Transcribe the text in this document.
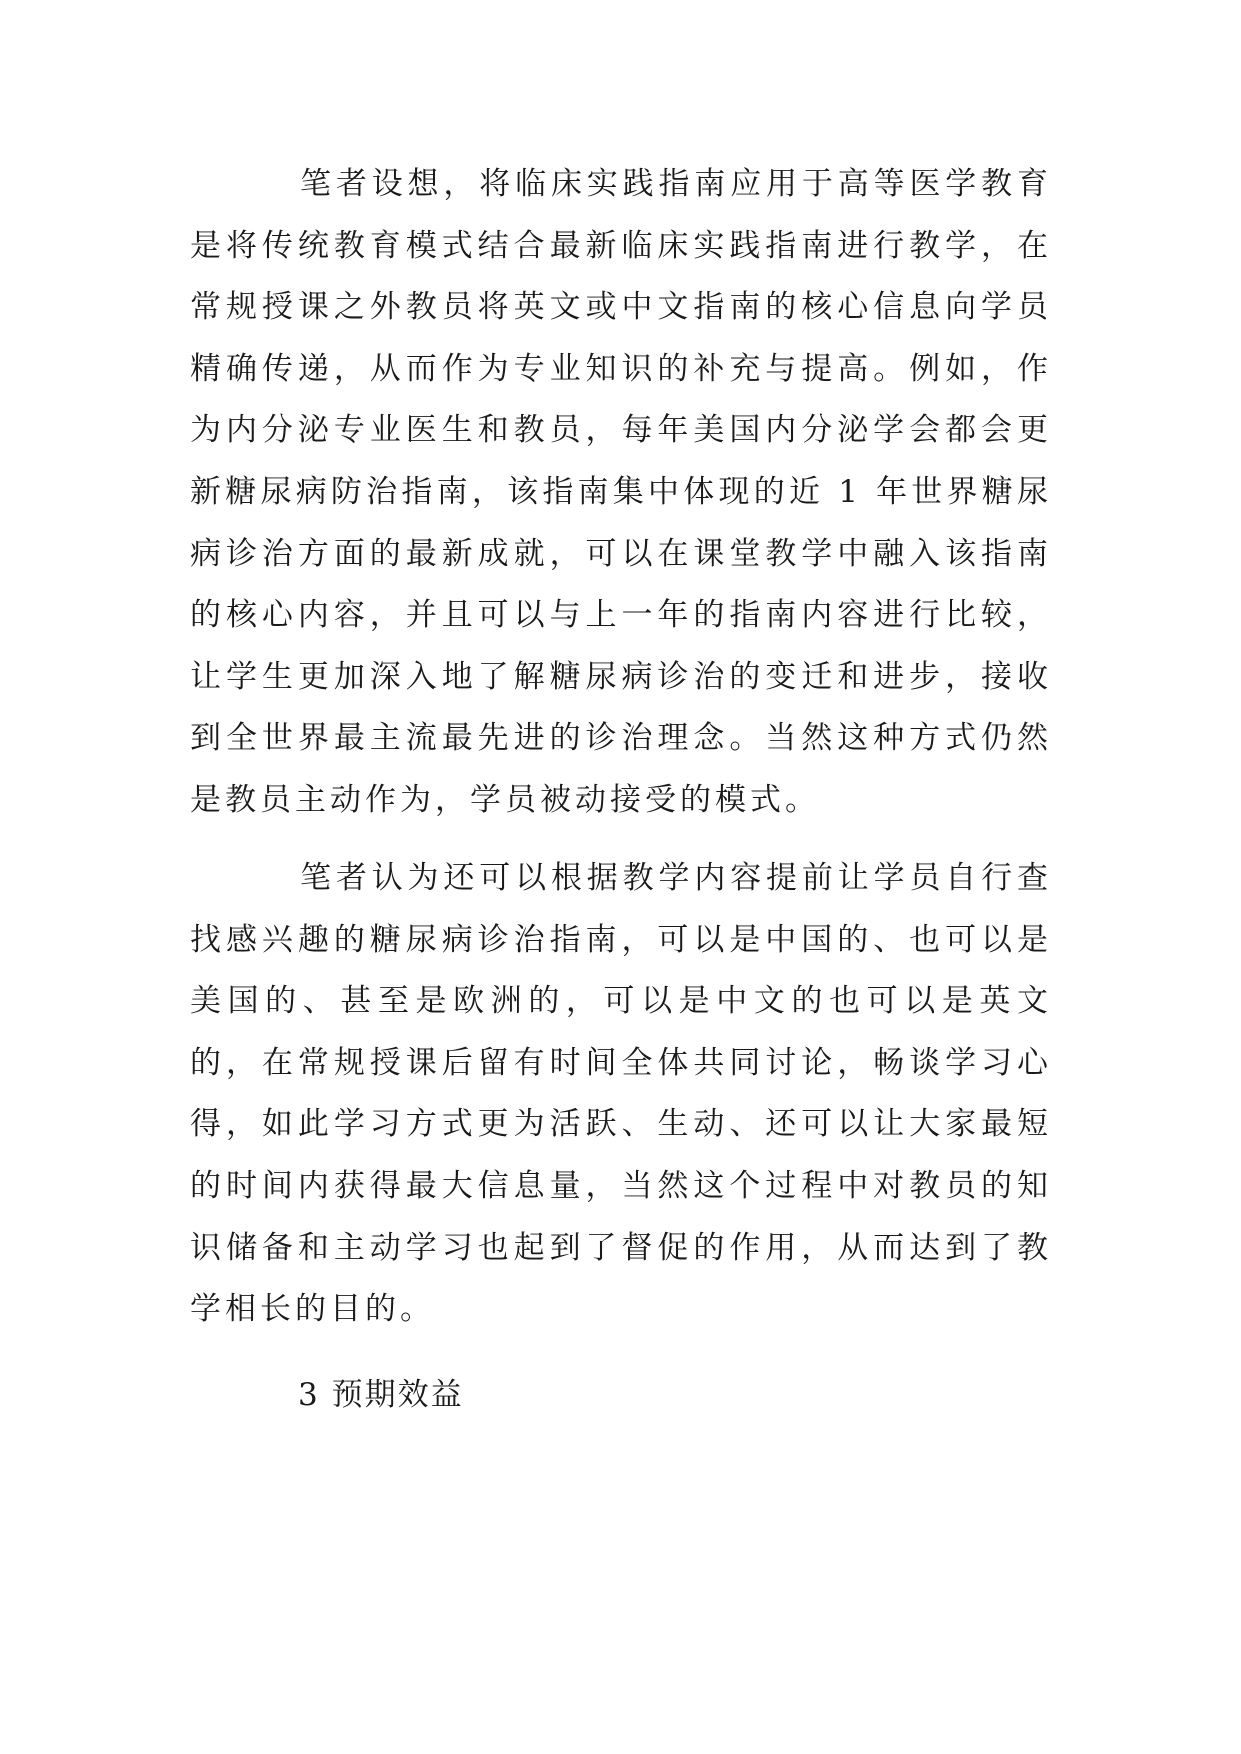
笔者设想，将临床实践指南应用于高等医学教育是将传统教育模式结合最新临床实践指南进行教学，在常规授课之外教员将英文或中文指南的核心信息向学员精确传递，从而作为专业知识的补充与提高。例如，作为内分泌专业医生和教员，每年美国内分泌学会都会更新糖尿病防治指南，该指南集中体现的近 1 年世界糖尿病诊治方面的最新成就，可以在课堂教学中融入该指南的核心内容，并且可以与上一年的指南内容进行比较，让学生更加深入地了解糖尿病诊治的变迁和进步，接收到全世界最主流最先进的诊治理念。当然这种方式仍然是教员主动作为，学员被动接受的模式。

笔者认为还可以根据教学内容提前让学员自行查找感兴趣的糖尿病诊治指南，可以是中国的、也可以是美国的、甚至是欧洲的，可以是中文的也可以是英文的，在常规授课后留有时间全体共同讨论，畅谈学习心得，如此学习方式更为活跃、生动、还可以让大家最短的时间内获得最大信息量，当然这个过程中对教员的知识储备和主动学习也起到了督促的作用，从而达到了教学相长的目的。

3 预期效益
